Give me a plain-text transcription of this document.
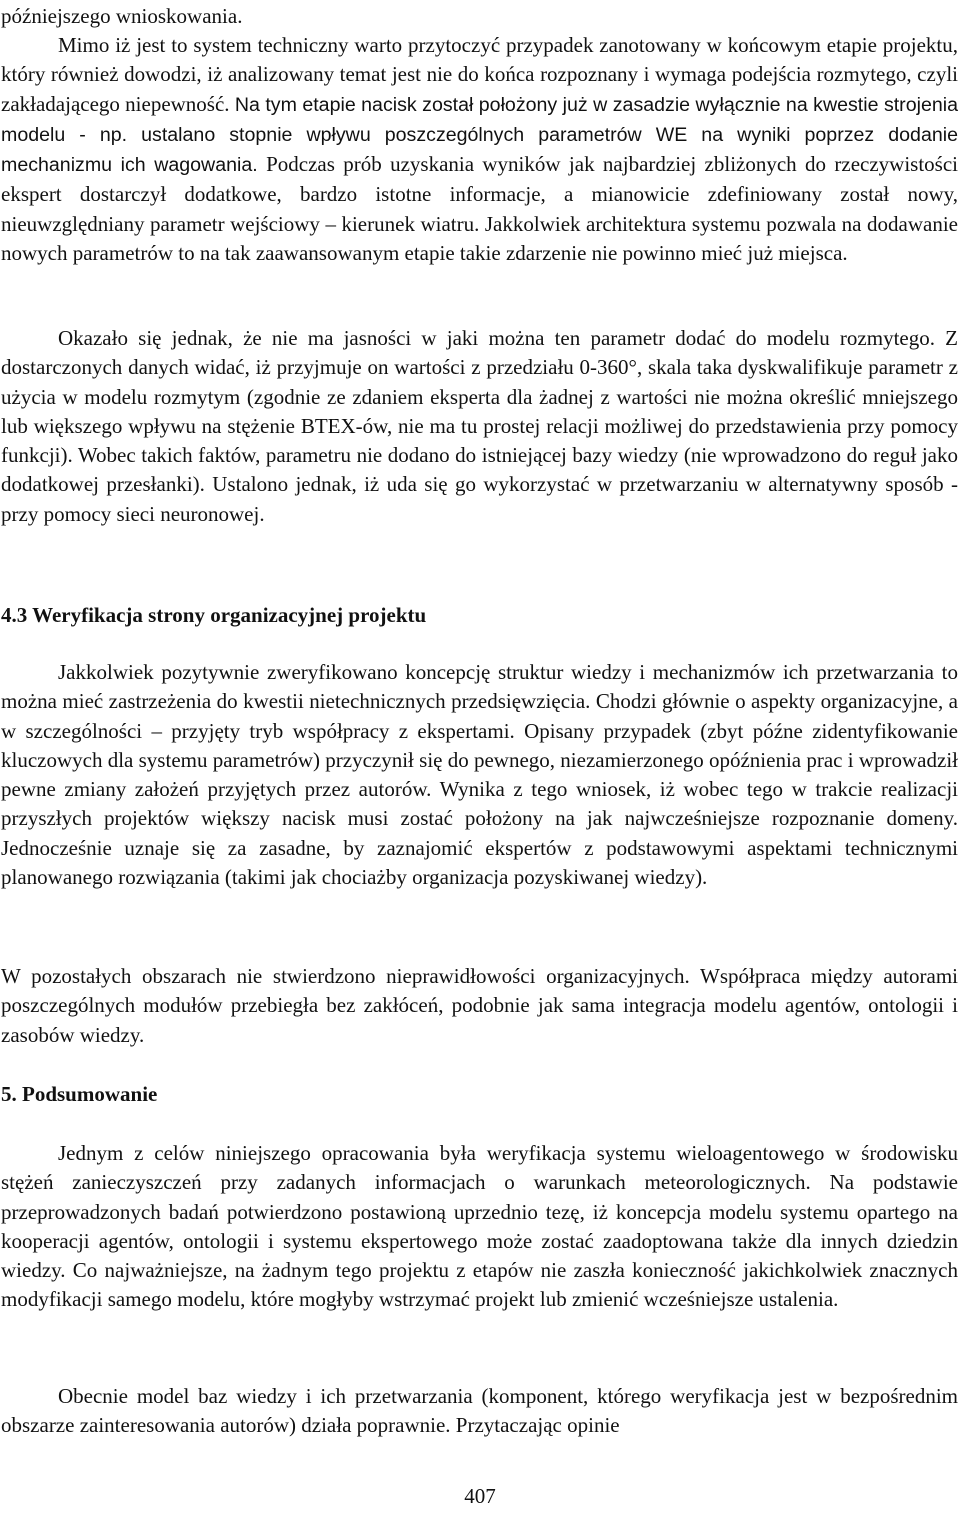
późniejszego wnioskowania.

Mimo iż jest to system techniczny warto przytoczyć przypadek zanotowany w końcowym etapie projektu, który również dowodzi, iż analizowany temat jest nie do końca rozpoznany i wymaga podejścia rozmytego, czyli zakładającego niepewność. Na tym etapie nacisk został położony już w zasadzie wyłącznie na kwestie strojenia modelu - np. ustalano stopnie wpływu poszczególnych parametrów WE na wyniki poprzez dodanie mechanizmu ich wagowania. Podczas prób uzyskania wyników jak najbardziej zbliżonych do rzeczywistości ekspert dostarczył dodatkowe, bardzo istotne informacje, a mianowicie zdefiniowany został nowy, nieuwzględniany parametr wejściowy – kierunek wiatru. Jakkolwiek architektura systemu pozwala na dodawanie nowych parametrów to na tak zaawansowanym etapie takie zdarzenie nie powinno mieć już miejsca.

Okazało się jednak, że nie ma jasności w jaki można ten parametr dodać do modelu rozmytego. Z dostarczonych danych widać, iż przyjmuje on wartości z przedziału 0-360°, skala taka dyskwalifikuje parametr z użycia w modelu rozmytym (zgodnie ze zdaniem eksperta dla żadnej z wartości nie można określić mniejszego lub większego wpływu na stężenie BTEX-ów, nie ma tu prostej relacji możliwej do przedstawienia przy pomocy funkcji). Wobec takich faktów, parametru nie dodano do istniejącej bazy wiedzy (nie wprowadzono do reguł jako dodatkowej przesłanki). Ustalono jednak, iż uda się go wykorzystać w przetwarzaniu w alternatywny sposób - przy pomocy sieci neuronowej.

4.3 Weryfikacja strony organizacyjnej projektu

Jakkolwiek pozytywnie zweryfikowano koncepcję struktur wiedzy i mechanizmów ich przetwarzania to można mieć zastrzeżenia do kwestii nietechnicznych przedsięwzięcia. Chodzi głównie o aspekty organizacyjne, a w szczególności – przyjęty tryb współpracy z ekspertami. Opisany przypadek (zbyt późne zidentyfikowanie kluczowych dla systemu parametrów) przyczynił się do pewnego, niezamierzonego opóźnienia prac i wprowadził pewne zmiany założeń przyjętych przez autorów. Wynika z tego wniosek, iż wobec tego w trakcie realizacji przyszłych projektów większy nacisk musi zostać położony na jak najwcześniejsze rozpoznanie domeny. Jednocześnie uznaje się za zasadne, by zaznajomić ekspertów z podstawowymi aspektami technicznymi planowanego rozwiązania (takimi jak chociażby organizacja pozyskiwanej wiedzy).

W pozostałych obszarach nie stwierdzono nieprawidłowości organizacyjnych. Współpraca między autorami poszczególnych modułów przebiegła bez zakłóceń, podobnie jak sama integracja modelu agentów, ontologii i zasobów wiedzy.

5. Podsumowanie

Jednym z celów niniejszego opracowania była weryfikacja systemu wieloagentowego w środowisku stężeń zanieczyszczeń przy zadanych informacjach o warunkach meteorologicznych. Na podstawie przeprowadzonych badań potwierdzono postawioną uprzednio tezę, iż koncepcja modelu systemu opartego na kooperacji agentów, ontologii i systemu ekspertowego może zostać zaadoptowana także dla innych dziedzin wiedzy. Co najważniejsze, na żadnym tego projektu z etapów nie zaszła konieczność jakichkolwiek znacznych modyfikacji samego modelu, które mogłyby wstrzymać projekt lub zmienić wcześniejsze ustalenia.

Obecnie model baz wiedzy i ich przetwarzania (komponent, którego weryfikacja jest w bezpośrednim obszarze zainteresowania autorów) działa poprawnie. Przytaczając opinie

407
